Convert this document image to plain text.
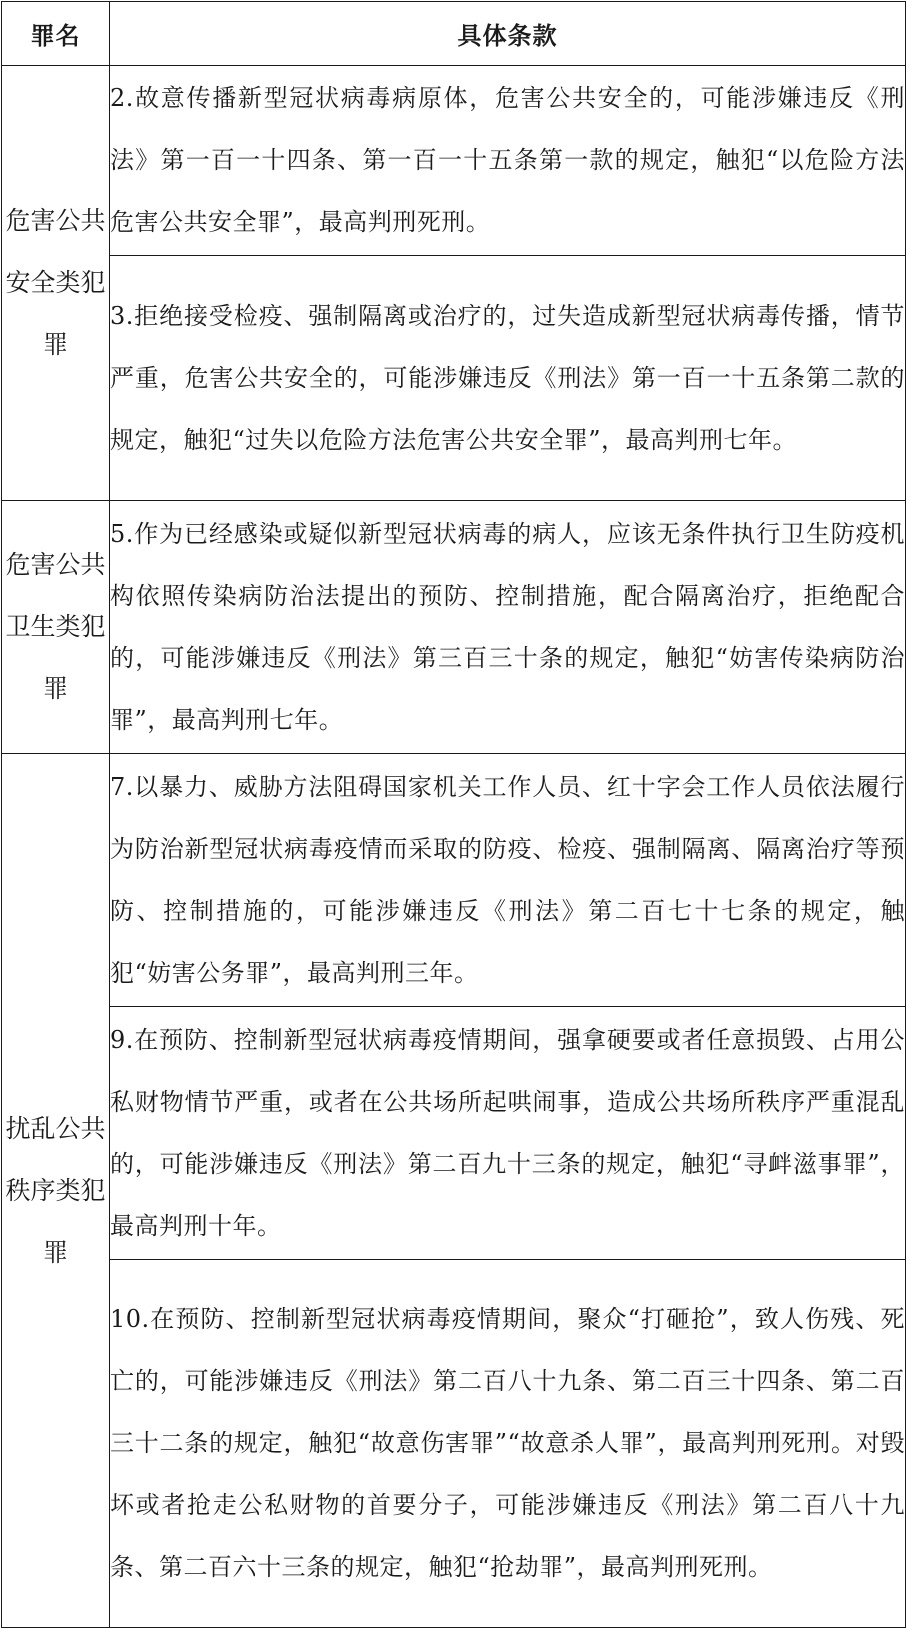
罪名	具体条款
危害公共安全类犯罪	2.故意传播新型冠状病毒病原体，危害公共安全的，可能涉嫌违反《刑法》第一百一十四条、第一百一十五条第一款的规定，触犯“以危险方法危害公共安全罪”，最高判刑死刑。
	3.拒绝接受检疫、强制隔离或治疗的，过失造成新型冠状病毒传播，情节严重，危害公共安全的，可能涉嫌违反《刑法》第一百一十五条第二款的规定，触犯“过失以危险方法危害公共安全罪”，最高判刑七年。
危害公共卫生类犯罪	5.作为已经感染或疑似新型冠状病毒的病人，应该无条件执行卫生防疫机构依照传染病防治法提出的预防、控制措施，配合隔离治疗，拒绝配合的，可能涉嫌违反《刑法》第三百三十条的规定，触犯“妨害传染病防治罪”，最高判刑七年。
扰乱公共秩序类犯罪	7.以暴力、威胁方法阻碍国家机关工作人员、红十字会工作人员依法履行为防治新型冠状病毒疫情而采取的防疫、检疫、强制隔离、隔离治疗等预防、控制措施的，可能涉嫌违反《刑法》第二百七十七条的规定，触犯“妨害公务罪”，最高判刑三年。
	9.在预防、控制新型冠状病毒疫情期间，强拿硬要或者任意损毁、占用公私财物情节严重，或者在公共场所起哄闹事，造成公共场所秩序严重混乱的，可能涉嫌违反《刑法》第二百九十三条的规定，触犯“寻衅滋事罪”，最高判刑十年。
	10.在预防、控制新型冠状病毒疫情期间，聚众“打砸抢”，致人伤残、死亡的，可能涉嫌违反《刑法》第二百八十九条、第二百三十四条、第二百三十二条的规定，触犯“故意伤害罪”“故意杀人罪”，最高判刑死刑。对毁坏或者抢走公私财物的首要分子，可能涉嫌违反《刑法》第二百八十九条、第二百六十三条的规定，触犯“抢劫罪”，最高判刑死刑。
